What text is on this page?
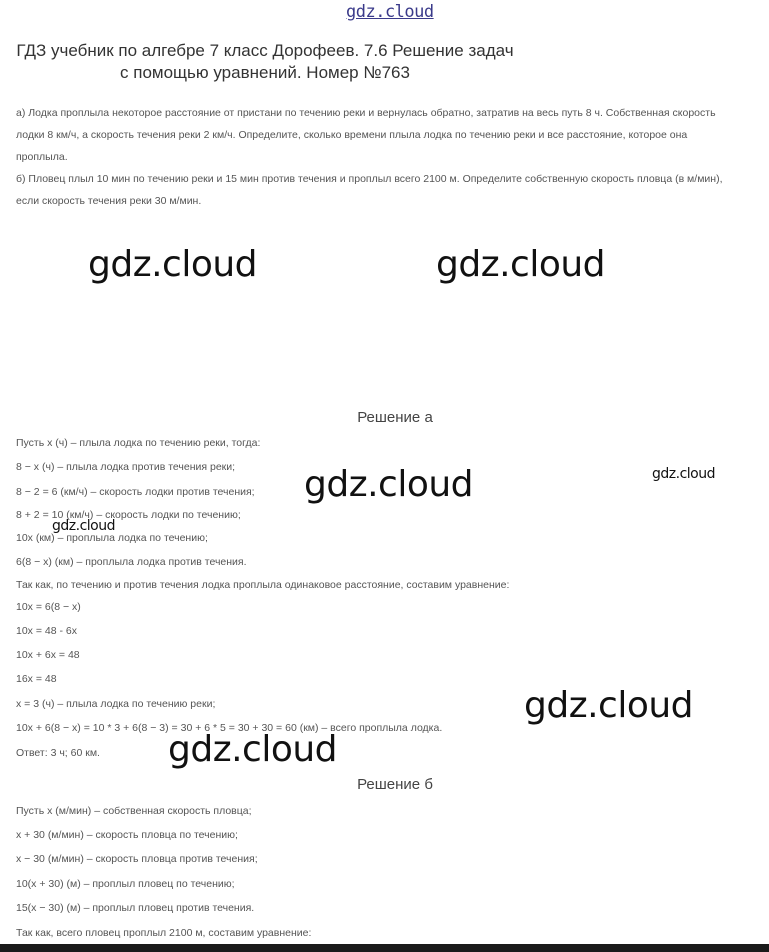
gdz.cloud
gdz.cloud	gdz.cloud
gdz.cloud	gdz.cloud
gdz.cloud
gdz.cloud
gdz.cloud
ГДЗ учебник по алгебре 7 класс Дорофеев. 7.6 Решение задач
с помощью уравнений. Номер №763

а) Лодка проплыла некоторое расстояние от пристани по течению реки и вернулась обратно, затратив на весь путь 8 ч. Собственная скорость

лодки 8 км/ч, а скорость течения реки 2 км/ч. Определите, сколько времени плыла лодка по течению реки и все расстояние, которое она

проплыла.

б) Пловец плыл 10 мин по течению реки и 15 мин против течения и проплыл всего 2100 м. Определите собственную скорость пловца (в м/мин),

если скорость течения реки 30 м/мин.

Решение а
Пусть x (ч) – плыла лодка по течению реки, тогда:
8 − x (ч) – плыла лодка против течения реки;
8 − 2 = 6 (км/ч) – скорость лодки против течения;
8 + 2 = 10 (км/ч) – скорость лодки по течению;
10x (км) – проплыла лодка по течению;
6(8 − x) (км) – проплыла лодка против течения.
Так как, по течению и против течения лодка проплыла одинаковое расстояние, составим уравнение:
10x = 6(8 − x)
10x = 48 - 6x
10x + 6x = 48
16x = 48
x = 3 (ч) – плыла лодка по течению реки;
10x + 6(8 − x) = 10 * 3 + 6(8 − 3) = 30 + 6 * 5 = 30 + 30 = 60 (км) – всего проплыла лодка.
Ответ: 3 ч; 60 км.
Решение б
Пусть x (м/мин) – собственная скорость пловца;
x + 30 (м/мин) – скорость пловца по течению;
x − 30 (м/мин) – скорость пловца против течения;
10(x + 30) (м) – проплыл пловец по течению;
15(x − 30) (м) – проплыл пловец против течения.
Так как, всего пловец проплыл 2100 м, составим уравнение:
